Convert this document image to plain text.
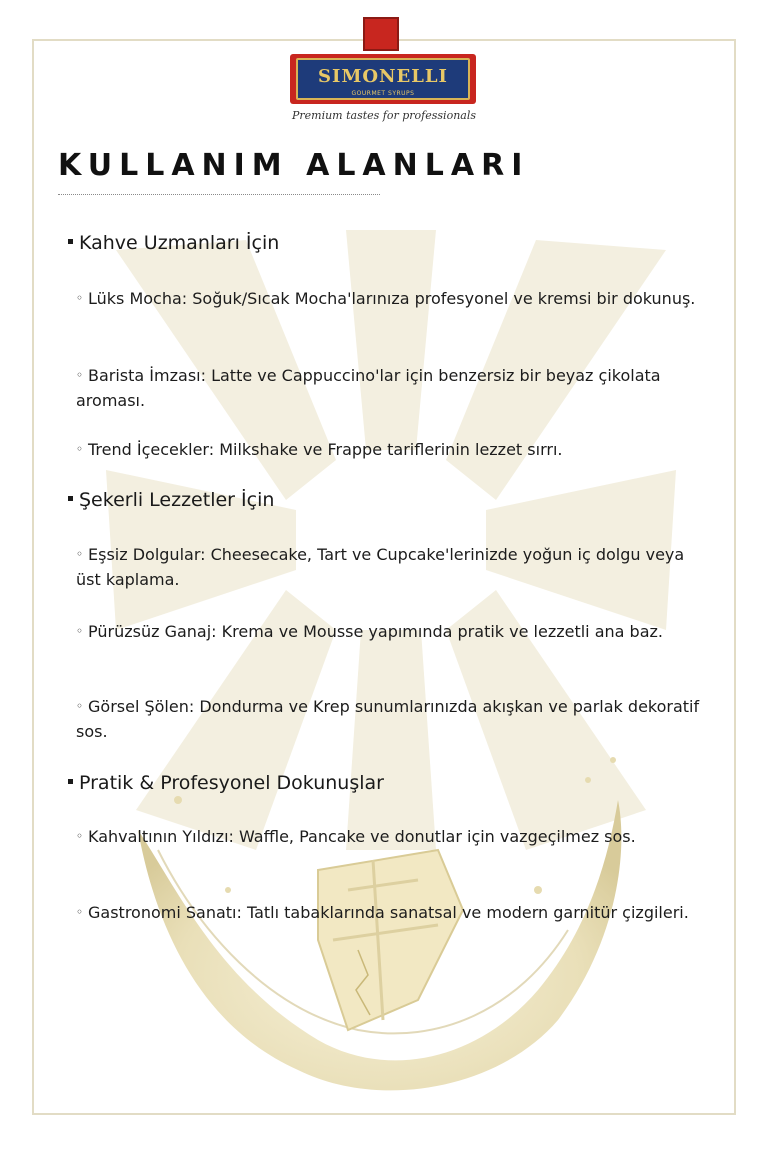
SIMONELLI
GOURMET SYRUPS
Premium tastes for professionals
KULLANIM ALANLARI
Kahve Uzmanları İçin
◦ Lüks Mocha: Soğuk/Sıcak Mocha'larınıza profesyonel ve kremsi bir dokunuş.
◦ Barista İmzası: Latte ve Cappuccino'lar için benzersiz bir beyaz çikolata aroması.
◦ Trend İçecekler: Milkshake ve Frappe tariflerinin lezzet sırrı.
Şekerli Lezzetler İçin
◦ Eşsiz Dolgular: Cheesecake, Tart ve Cupcake'lerinizde yoğun iç dolgu veya üst kaplama.
◦ Pürüzsüz Ganaj: Krema ve Mousse yapımında pratik ve lezzetli ana baz.
◦ Görsel Şölen: Dondurma ve Krep sunumlarınızda akışkan ve parlak dekoratif sos.
Pratik & Profesyonel Dokunuşlar
◦ Kahvaltının Yıldızı: Waffle, Pancake ve donutlar için vazgeçilmez sos.
◦ Gastronomi Sanatı: Tatlı tabaklarında sanatsal ve modern garnitür çizgileri.
